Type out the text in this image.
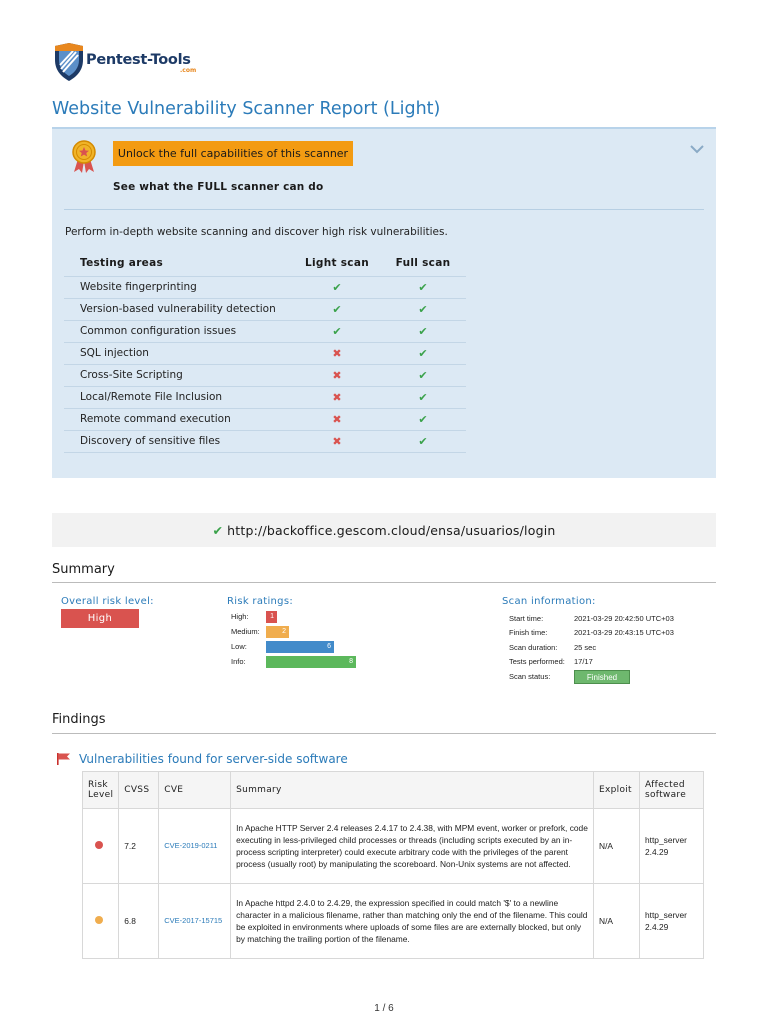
Pentest-Tools
.com
Website Vulnerability Scanner Report (Light)
Unlock the full capabilities of this scanner
See what the FULL scanner can do
Perform in-depth website scanning and discover high risk vulnerabilities.
Testing areas	Light scan	Full scan
Website fingerprinting	✔	✔
Version-based vulnerability detection	✔	✔
Common configuration issues	✔	✔
SQL injection	✖	✔
Cross-Site Scripting	✖	✔
Local/Remote File Inclusion	✖	✔
Remote command execution	✖	✔
Discovery of sensitive files	✖	✔
✔ http://backoffice.gescom.cloud/ensa/usuarios/login
Summary
Overall risk level:
High
Risk ratings:
High:	1
Medium:	2
Low:	6
Info:	8
Scan information:
Start time:	2021-03-29 20:42:50 UTC+03
Finish time:	2021-03-29 20:43:15 UTC+03
Scan duration: 25 sec
Tests performed: 17/17
Scan status:	Finished
Findings
Vulnerabilities found for server-side software
Risk Level	CVSS	CVE	Summary	Exploit	Affected software
	7.2	CVE-2019-0211	In Apache HTTP Server 2.4 releases 2.4.17 to 2.4.38, with MPM event, worker or prefork, code executing in less-privileged child processes or threads (including scripts executed by an in-process scripting interpreter) could execute arbitrary code with the privileges of the parent process (usually root) by manipulating the scoreboard. Non-Unix systems are not affected.	N/A	http_server 2.4.29
	6.8	CVE-2017-15715	In Apache httpd 2.4.0 to 2.4.29, the expression specified in could match '$' to a newline character in a malicious filename, rather than matching only the end of the filename. This could be exploited in environments where uploads of some files are are externally blocked, but only by matching the trailing portion of the filename.	N/A	http_server 2.4.29
1 / 6
